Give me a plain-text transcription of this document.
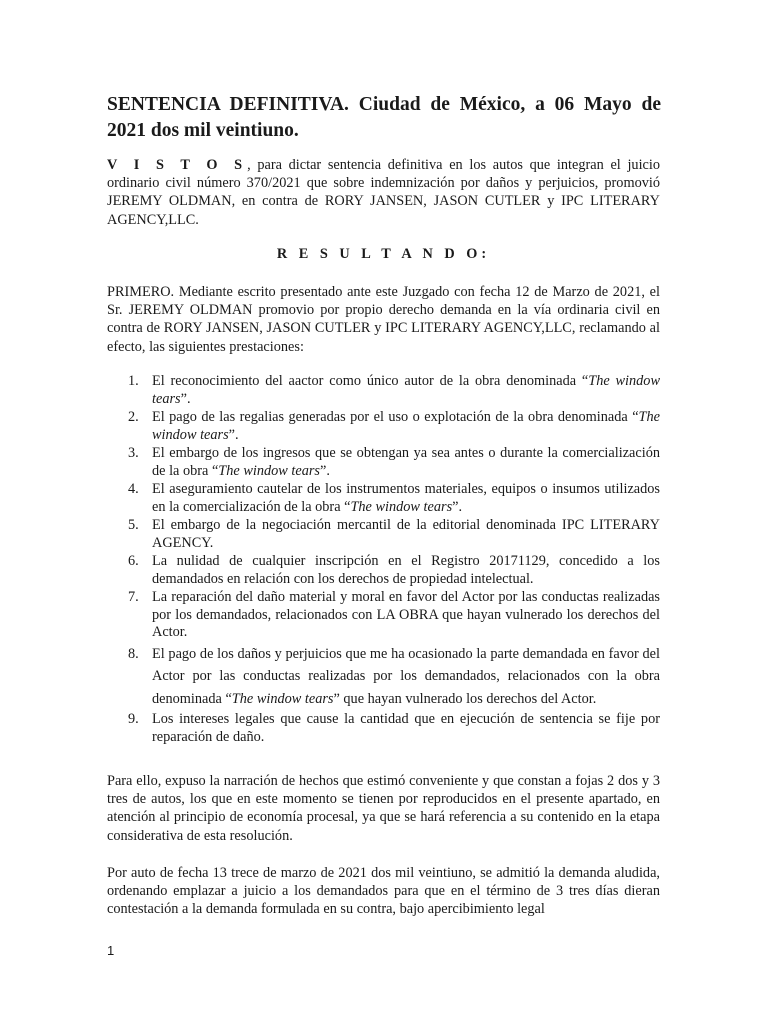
SENTENCIA DEFINITIVA. Ciudad de México, a 06 Mayo de 2021 dos mil veintiuno.
V I S T O S, para dictar sentencia definitiva en los autos que integran el juicio ordinario civil número 370/2021 que sobre indemnización por daños y perjuicios, promovió JEREMY OLDMAN, en contra de RORY JANSEN, JASON CUTLER y IPC LITERARY AGENCY,LLC.
R E S U L T A N D O:
PRIMERO. Mediante escrito presentado ante este Juzgado con fecha 12 de Marzo de 2021, el Sr. JEREMY OLDMAN promovio por propio derecho demanda en la vía ordinaria civil en contra de RORY JANSEN, JASON CUTLER y IPC LITERARY AGENCY,LLC, reclamando al efecto, las siguientes prestaciones:
1. El reconocimiento del aactor como único autor de la obra denominada “The window tears”.
2. El pago de las regalias generadas por el uso o explotación de la obra denominada “The window tears”.
3. El embargo de los ingresos que se obtengan ya sea antes o durante la comercialización de la obra “The window tears”.
4. El aseguramiento cautelar de los instrumentos materiales, equipos o insumos utilizados en la comercialización de la obra “The window tears”.
5. El embargo de la negociación mercantil de la editorial denominada IPC LITERARY AGENCY.
6. La nulidad de cualquier inscripción en el Registro 20171129, concedido a los demandados en relación con los derechos de propiedad intelectual.
7. La reparación del daño material y moral en favor del Actor por las conductas realizadas por los demandados, relacionados con LA OBRA que hayan vulnerado los derechos del Actor.
8. El pago de los daños y perjuicios que me ha ocasionado la parte demandada en favor del Actor por las conductas realizadas por los demandados, relacionados con la obra denominada “The window tears” que hayan vulnerado los derechos del Actor.
9. Los intereses legales que cause la cantidad que en ejecución de sentencia se fije por reparación de daño.
Para ello, expuso la narración de hechos que estimó conveniente y que constan a fojas 2 dos y 3 tres de autos, los que en este momento se tienen por reproducidos en el presente apartado, en atención al principio de economía procesal, ya que se hará referencia a su contenido en la etapa considerativa de esta resolución.
Por auto de fecha 13 trece de marzo de 2021 dos mil veintiuno, se admitió la demanda aludida, ordenando emplazar a juicio a los demandados para que en el término de 3 tres días dieran contestación a la demanda formulada en su contra, bajo apercibimiento legal
1
